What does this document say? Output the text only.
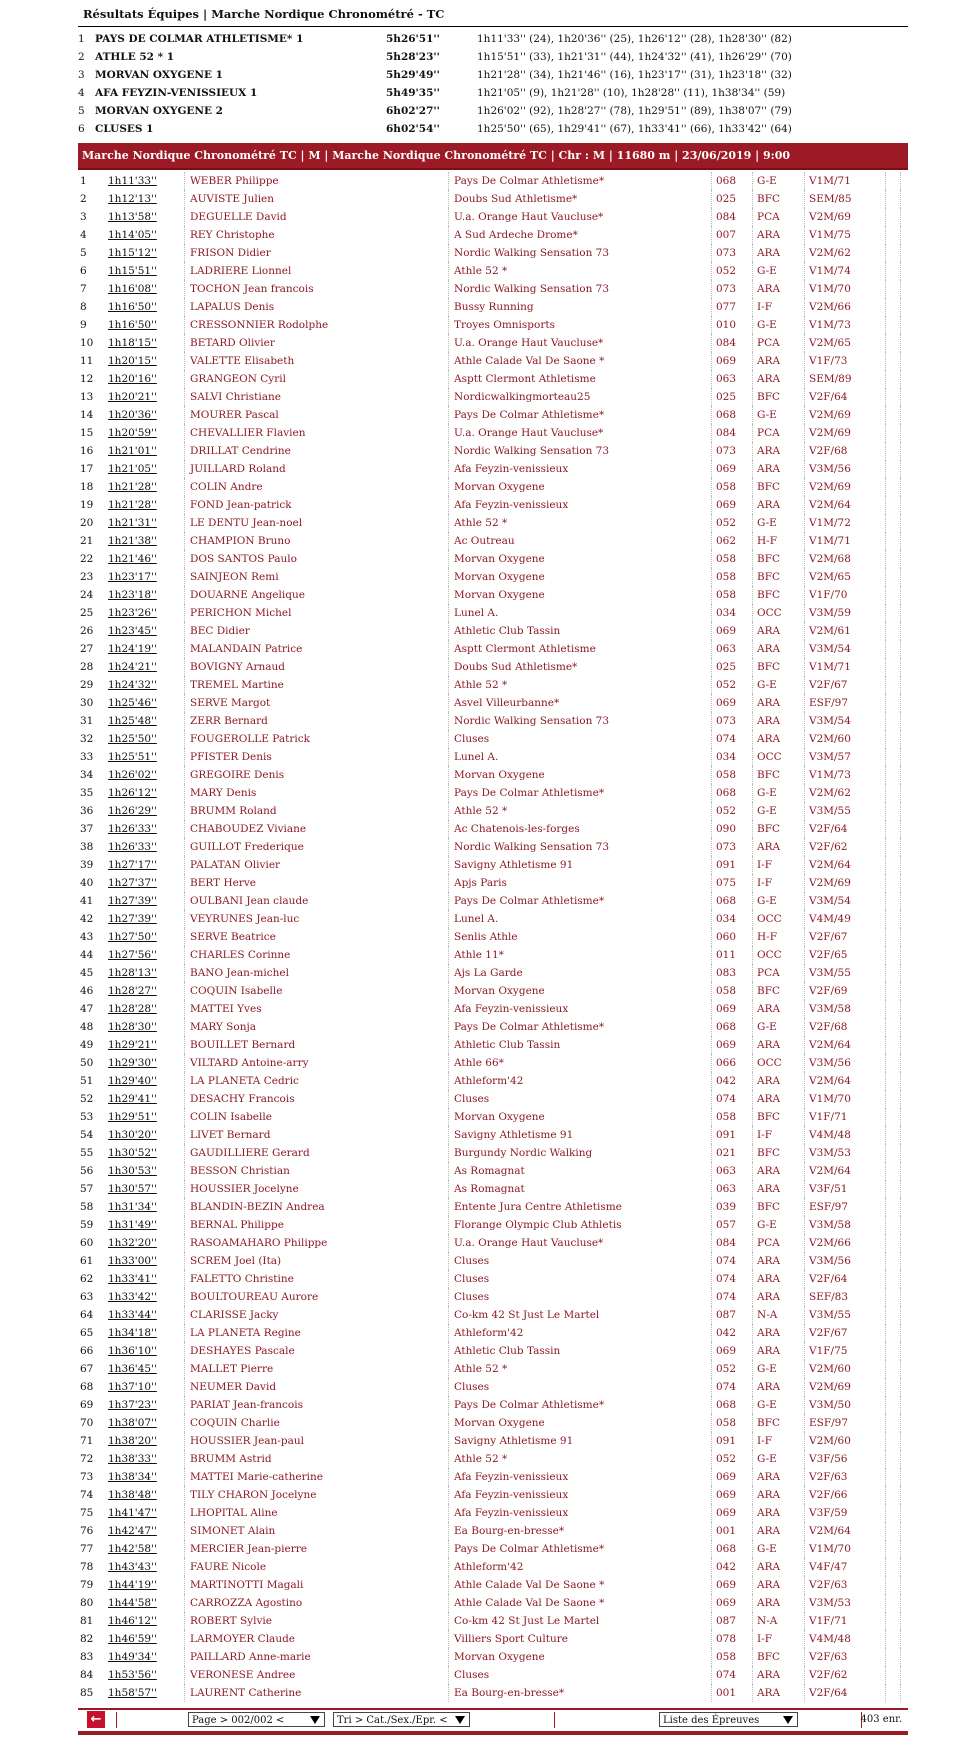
Résultats Équipes | Marche Nordique Chronométré - TC
1 PAYS DE COLMAR ATHLETISME* 1	5h26'51''	1h11'33'' (24), 1h20'36'' (25), 1h26'12'' (28), 1h28'30'' (82)
2 ATHLE 52 * 1	5h28'23''	1h15'51'' (33), 1h21'31'' (44), 1h24'32'' (41), 1h26'29'' (70)
3 MORVAN OXYGENE 1	5h29'49''	1h21'28'' (34), 1h21'46'' (16), 1h23'17'' (31), 1h23'18'' (32)
4 AFA FEYZIN-VENISSIEUX 1	5h49'35''	1h21'05'' (9), 1h21'28'' (10), 1h28'28'' (11), 1h38'34'' (59)
5 MORVAN OXYGENE 2	6h02'27''	1h26'02'' (92), 1h28'27'' (78), 1h29'51'' (89), 1h38'07'' (79)
6 CLUSES 1	6h02'54''	1h25'50'' (65), 1h29'41'' (67), 1h33'41'' (66), 1h33'42'' (64)
Marche Nordique Chronométré TC | M | Marche Nordique Chronométré TC | Chr : M | 11680 m | 23/06/2019 | 9:00
1	1h11'33''	WEBER Philippe	Pays De Colmar Athletisme*	068	G-E	V1M/71		
2	1h12'13''	AUVISTE Julien	Doubs Sud Athletisme*	025	BFC	SEM/85		
3	1h13'58''	DEGUELLE David	U.a. Orange Haut Vaucluse*	084	PCA	V2M/69		
4	1h14'05''	REY Christophe	A Sud Ardeche Drome*	007	ARA	V1M/75		
5	1h15'12''	FRISON Didier	Nordic Walking Sensation 73	073	ARA	V2M/62		
6	1h15'51''	LADRIERE Lionnel	Athle 52 *	052	G-E	V1M/74		
7	1h16'08''	TOCHON Jean francois	Nordic Walking Sensation 73	073	ARA	V1M/70		
8	1h16'50''	LAPALUS Denis	Bussy Running	077	I-F	V2M/66		
9	1h16'50''	CRESSONNIER Rodolphe	Troyes Omnisports	010	G-E	V1M/73		
10	1h18'15''	BETARD Olivier	U.a. Orange Haut Vaucluse*	084	PCA	V2M/65		
11	1h20'15''	VALETTE Elisabeth	Athle Calade Val De Saone *	069	ARA	V1F/73		
12	1h20'16''	GRANGEON Cyril	Asptt Clermont Athletisme	063	ARA	SEM/89		
13	1h20'21''	SALVI Christiane	Nordicwalkingmorteau25	025	BFC	V2F/64		
14	1h20'36''	MOURER Pascal	Pays De Colmar Athletisme*	068	G-E	V2M/69		
15	1h20'59''	CHEVALLIER Flavien	U.a. Orange Haut Vaucluse*	084	PCA	V2M/69		
16	1h21'01''	DRILLAT Cendrine	Nordic Walking Sensation 73	073	ARA	V2F/68		
17	1h21'05''	JUILLARD Roland	Afa Feyzin-venissieux	069	ARA	V3M/56		
18	1h21'28''	COLIN Andre	Morvan Oxygene	058	BFC	V2M/69		
19	1h21'28''	FOND Jean-patrick	Afa Feyzin-venissieux	069	ARA	V2M/64		
20	1h21'31''	LE DENTU Jean-noel	Athle 52 *	052	G-E	V1M/72		
21	1h21'38''	CHAMPION Bruno	Ac Outreau	062	H-F	V1M/71		
22	1h21'46''	DOS SANTOS Paulo	Morvan Oxygene	058	BFC	V2M/68		
23	1h23'17''	SAINJEON Remi	Morvan Oxygene	058	BFC	V2M/65		
24	1h23'18''	DOUARNE Angelique	Morvan Oxygene	058	BFC	V1F/70		
25	1h23'26''	PERICHON Michel	Lunel A.	034	OCC	V3M/59		
26	1h23'45''	BEC Didier	Athletic Club Tassin	069	ARA	V2M/61		
27	1h24'19''	MALANDAIN Patrice	Asptt Clermont Athletisme	063	ARA	V3M/54		
28	1h24'21''	BOVIGNY Arnaud	Doubs Sud Athletisme*	025	BFC	V1M/71		
29	1h24'32''	TREMEL Martine	Athle 52 *	052	G-E	V2F/67		
30	1h25'46''	SERVE Margot	Asvel Villeurbanne*	069	ARA	ESF/97		
31	1h25'48''	ZERR Bernard	Nordic Walking Sensation 73	073	ARA	V3M/54		
32	1h25'50''	FOUGEROLLE Patrick	Cluses	074	ARA	V2M/60		
33	1h25'51''	PFISTER Denis	Lunel A.	034	OCC	V3M/57		
34	1h26'02''	GREGOIRE Denis	Morvan Oxygene	058	BFC	V1M/73		
35	1h26'12''	MARY Denis	Pays De Colmar Athletisme*	068	G-E	V2M/62		
36	1h26'29''	BRUMM Roland	Athle 52 *	052	G-E	V3M/55		
37	1h26'33''	CHABOUDEZ Viviane	Ac Chatenois-les-forges	090	BFC	V2F/64		
38	1h26'33''	GUILLOT Frederique	Nordic Walking Sensation 73	073	ARA	V2F/62		
39	1h27'17''	PALATAN Olivier	Savigny Athletisme 91	091	I-F	V2M/64		
40	1h27'37''	BERT Herve	Apjs Paris	075	I-F	V2M/69		
41	1h27'39''	OULBANI Jean claude	Pays De Colmar Athletisme*	068	G-E	V3M/54		
42	1h27'39''	VEYRUNES Jean-luc	Lunel A.	034	OCC	V4M/49		
43	1h27'50''	SERVE Beatrice	Senlis Athle	060	H-F	V2F/67		
44	1h27'56''	CHARLES Corinne	Athle 11*	011	OCC	V2F/65		
45	1h28'13''	BANO Jean-michel	Ajs La Garde	083	PCA	V3M/55		
46	1h28'27''	COQUIN Isabelle	Morvan Oxygene	058	BFC	V2F/69		
47	1h28'28''	MATTEI Yves	Afa Feyzin-venissieux	069	ARA	V3M/58		
48	1h28'30''	MARY Sonja	Pays De Colmar Athletisme*	068	G-E	V2F/68		
49	1h29'21''	BOUILLET Bernard	Athletic Club Tassin	069	ARA	V2M/64		
50	1h29'30''	VILTARD Antoine-arry	Athle 66*	066	OCC	V3M/56		
51	1h29'40''	LA PLANETA Cedric	Athleform'42	042	ARA	V2M/64		
52	1h29'41''	DESACHY Francois	Cluses	074	ARA	V1M/70		
53	1h29'51''	COLIN Isabelle	Morvan Oxygene	058	BFC	V1F/71		
54	1h30'20''	LIVET Bernard	Savigny Athletisme 91	091	I-F	V4M/48		
55	1h30'52''	GAUDILLIERE Gerard	Burgundy Nordic Walking	021	BFC	V3M/53		
56	1h30'53''	BESSON Christian	As Romagnat	063	ARA	V2M/64		
57	1h30'57''	HOUSSIER Jocelyne	As Romagnat	063	ARA	V3F/51		
58	1h31'34''	BLANDIN-BEZIN Andrea	Entente Jura Centre Athletisme	039	BFC	ESF/97		
59	1h31'49''	BERNAL Philippe	Florange Olympic Club Athletis	057	G-E	V3M/58		
60	1h32'20''	RASOAMAHARO Philippe	U.a. Orange Haut Vaucluse*	084	PCA	V2M/66		
61	1h33'00''	SCREM Joel (Ita)	Cluses	074	ARA	V3M/56		
62	1h33'41''	FALETTO Christine	Cluses	074	ARA	V2F/64		
63	1h33'42''	BOULTOUREAU Aurore	Cluses	074	ARA	SEF/83		
64	1h33'44''	CLARISSE Jacky	Co-km 42 St Just Le Martel	087	N-A	V3M/55		
65	1h34'18''	LA PLANETA Regine	Athleform'42	042	ARA	V2F/67		
66	1h36'10''	DESHAYES Pascale	Athletic Club Tassin	069	ARA	V1F/75		
67	1h36'45''	MALLET Pierre	Athle 52 *	052	G-E	V2M/60		
68	1h37'10''	NEUMER David	Cluses	074	ARA	V2M/69		
69	1h37'23''	PARIAT Jean-francois	Pays De Colmar Athletisme*	068	G-E	V3M/50		
70	1h38'07''	COQUIN Charlie	Morvan Oxygene	058	BFC	ESF/97		
71	1h38'20''	HOUSSIER Jean-paul	Savigny Athletisme 91	091	I-F	V2M/60		
72	1h38'33''	BRUMM Astrid	Athle 52 *	052	G-E	V3F/56		
73	1h38'34''	MATTEI Marie-catherine	Afa Feyzin-venissieux	069	ARA	V2F/63		
74	1h38'48''	TILY CHARON Jocelyne	Afa Feyzin-venissieux	069	ARA	V2F/66		
75	1h41'47''	LHOPITAL Aline	Afa Feyzin-venissieux	069	ARA	V3F/59		
76	1h42'47''	SIMONET Alain	Ea Bourg-en-bresse*	001	ARA	V2M/64		
77	1h42'58''	MERCIER Jean-pierre	Pays De Colmar Athletisme*	068	G-E	V1M/70		
78	1h43'43''	FAURE Nicole	Athleform'42	042	ARA	V4F/47		
79	1h44'19''	MARTINOTTI Magali	Athle Calade Val De Saone *	069	ARA	V2F/63		
80	1h44'58''	CARROZZA Agostino	Athle Calade Val De Saone *	069	ARA	V3M/53		
81	1h46'12''	ROBERT Sylvie	Co-km 42 St Just Le Martel	087	N-A	V1F/71		
82	1h46'59''	LARMOYER Claude	Villiers Sport Culture	078	I-F	V4M/48		
83	1h49'34''	PAILLARD Anne-marie	Morvan Oxygene	058	BFC	V2F/63		
84	1h53'56''	VERONESE Andree	Cluses	074	ARA	V2F/62		
85	1h58'57''	LAURENT Catherine	Ea Bourg-en-bresse*	001	ARA	V2F/64		
←	Page > 002/002 <	Tri > Cat./Sex./Epr. <	Liste des Épreuves	403 enr.
